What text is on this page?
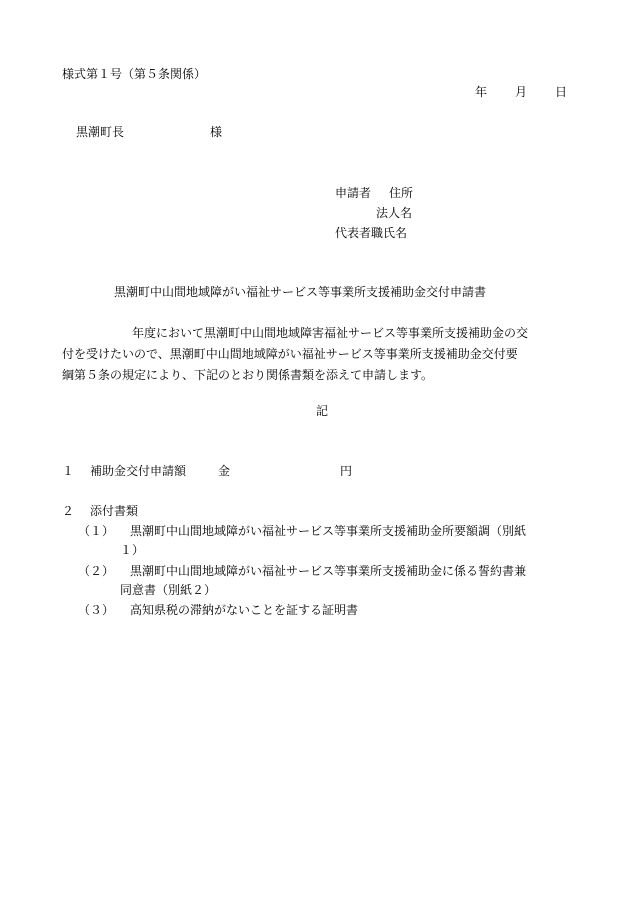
様式第１号（第５条関係）
年 月 日
黒潮町長	様
申請者 住所
法人名
代表者職氏名
黒潮町中山間地域障がい福祉サービス等事業所支援補助金交付申請書
年度において黒潮町中山間地域障害福祉サービス等事業所支援補助金の交
付を受けたいので、黒潮町中山間地域障がい福祉サービス等事業所支援補助金交付要
綱第５条の規定により、下記のとおり関係書類を添えて申請します。
記
１ 補助金交付申請額	金	円
２ 添付書類
（１） 黒潮町中山間地域障がい福祉サービス等事業所支援補助金所要額調（別紙
１）
（２） 黒潮町中山間地域障がい福祉サービス等事業所支援補助金に係る誓約書兼
同意書（別紙２）
（３） 高知県税の滞納がないことを証する証明書
